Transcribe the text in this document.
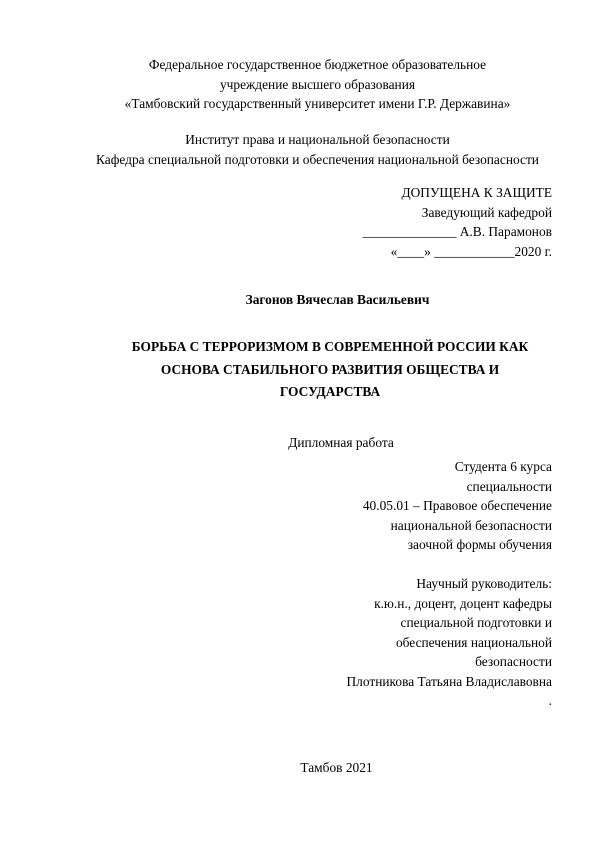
Федеральное государственное бюджетное образовательное
учреждение высшего образования
«Тамбовский государственный университет имени Г.Р. Державина»
Институт права и национальной безопасности
Кафедра специальной подготовки и обеспечения национальной безопасности
ДОПУЩЕНА К ЗАЩИТЕ
Заведующий кафедрой
______________ А.В. Парамонов
«____» ____________2020 г.
Загонов Вячеслав Васильевич
БОРЬБА С ТЕРРОРИЗМОМ В СОВРЕМЕННОЙ РОССИИ КАК
ОСНОВА СТАБИЛЬНОГО РАЗВИТИЯ ОБЩЕСТВА И
ГОСУДАРСТВА
Дипломная работа
Студента 6 курса
специальности
40.05.01 – Правовое обеспечение
национальной безопасности
заочной формы обучения
Научный руководитель:
к.ю.н., доцент, доцент кафедры
специальной подготовки и
обеспечения национальной
безопасности
Плотникова Татьяна Владиславовна
.
Тамбов 2021
